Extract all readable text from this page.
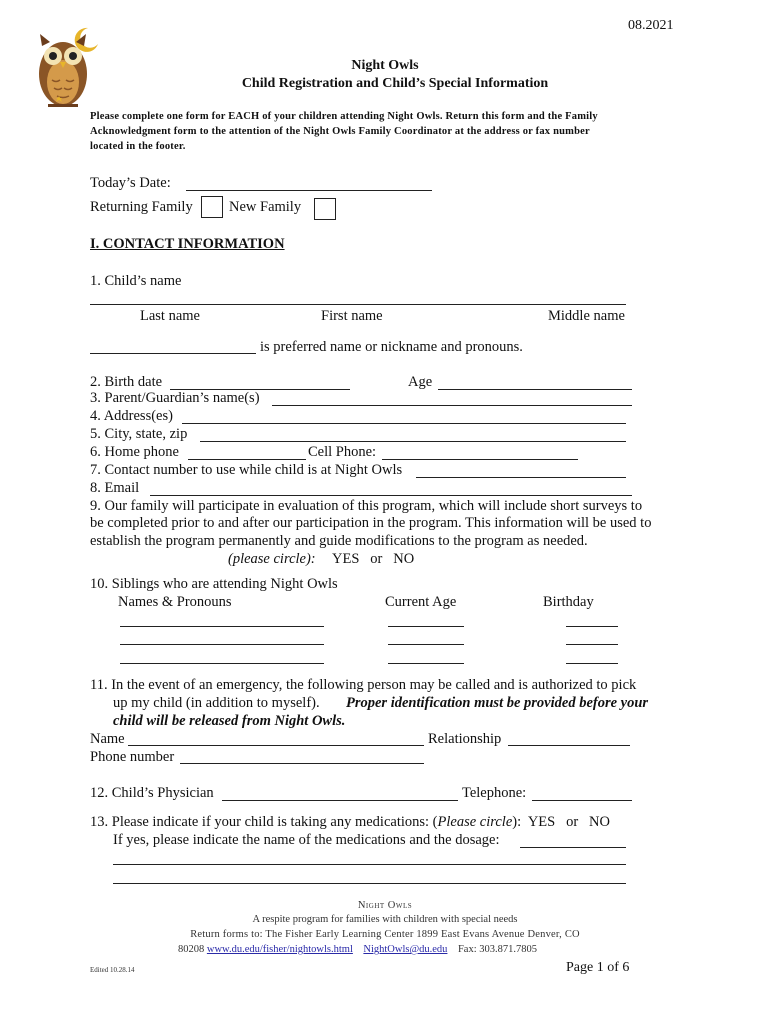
08.2021
Night Owls
Child Registration and Child’s Special Information
Please complete one form for EACH of your children attending Night Owls. Return this form and the Family
Acknowledgment form to the attention of the Night Owls Family Coordinator at the address or fax number
located in the footer.
Today’s Date:
Returning Family	New Family
I. CONTACT INFORMATION
1. Child’s name
Last name	First name	Middle name
is preferred name or nickname and pronouns.
2. Birth date	Age
3. Parent/Guardian’s name(s)
4. Address(es)
5. City, state, zip
6. Home phone	Cell Phone:
7. Contact number to use while child is at Night Owls
8. Email
9. Our family will participate in evaluation of this program, which will include short surveys to
be completed prior to and after our participation in the program. This information will be used to
establish the program permanently and guide modifications to the program as needed.
(please circle): YES   or   NO
10. Siblings who are attending Night Owls
Names & Pronouns	Current Age	Birthday
11. In the event of an emergency, the following person may be called and is authorized to pick
up my child (in addition to myself). Proper identification must be provided before your
child will be released from Night Owls.
Name	Relationship
Phone number
12. Child’s Physician	Telephone:
13. Please indicate if your child is taking any medications: (Please circle):  YES   or   NO
If yes, please indicate the name of the medications and the dosage:
Night Owls
A respite program for families with children with special needs
Return forms to: The Fisher Early Learning Center 1899 East Evans Avenue Denver, CO
80208 www.du.edu/fisher/nightowls.html NightOwls@du.edu Fax: 303.871.7805
Edited 10.28.14	Page 1 of 6
